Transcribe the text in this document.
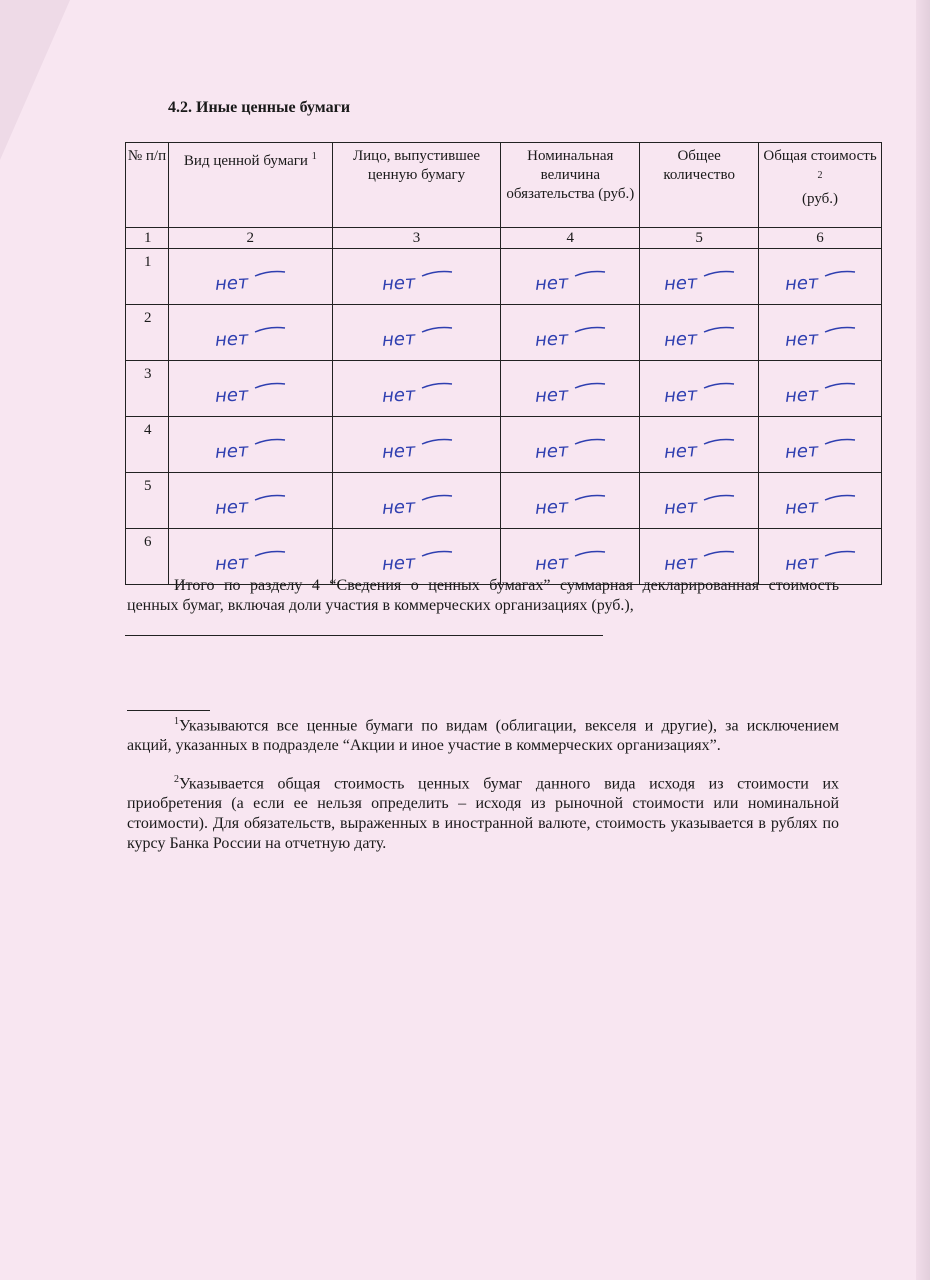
4.2. Иные ценные бумаги
№ п/п	Вид ценной бумаги $^1$	Лицо, выпустившее ценную бумагу	Номинальная величина обязательства (руб.)	Общее количество	Общая стоимость $^2$
(руб.)
1	2	3	4	5	6
1	нет	нет	нет	нет	нет

2	нет	нет	нет	нет	нет

3	нет	нет	нет	нет	нет

4	нет	нет	нет	нет	нет

5	нет	нет	нет	нет	нет

6	нет	нет	нет	нет	нет
Итого по разделу 4 “Сведения о ценных бумагах” суммарная декларированная стоимость ценных бумаг, включая доли участия в коммерческих организациях (руб.),
$^1$Указываются все ценные бумаги по видам (облигации, векселя и другие), за исключением акций, указанных в подразделе “Акции и иное участие в коммерческих организациях”.
$^2$Указывается общая стоимость ценных бумаг данного вида исходя из стоимости их приобретения (а если ее нельзя определить – исходя из рыночной стоимости или номинальной стоимости). Для обязательств, выраженных в иностранной валюте, стоимость указывается в рублях по курсу Банка России на отчетную дату.
